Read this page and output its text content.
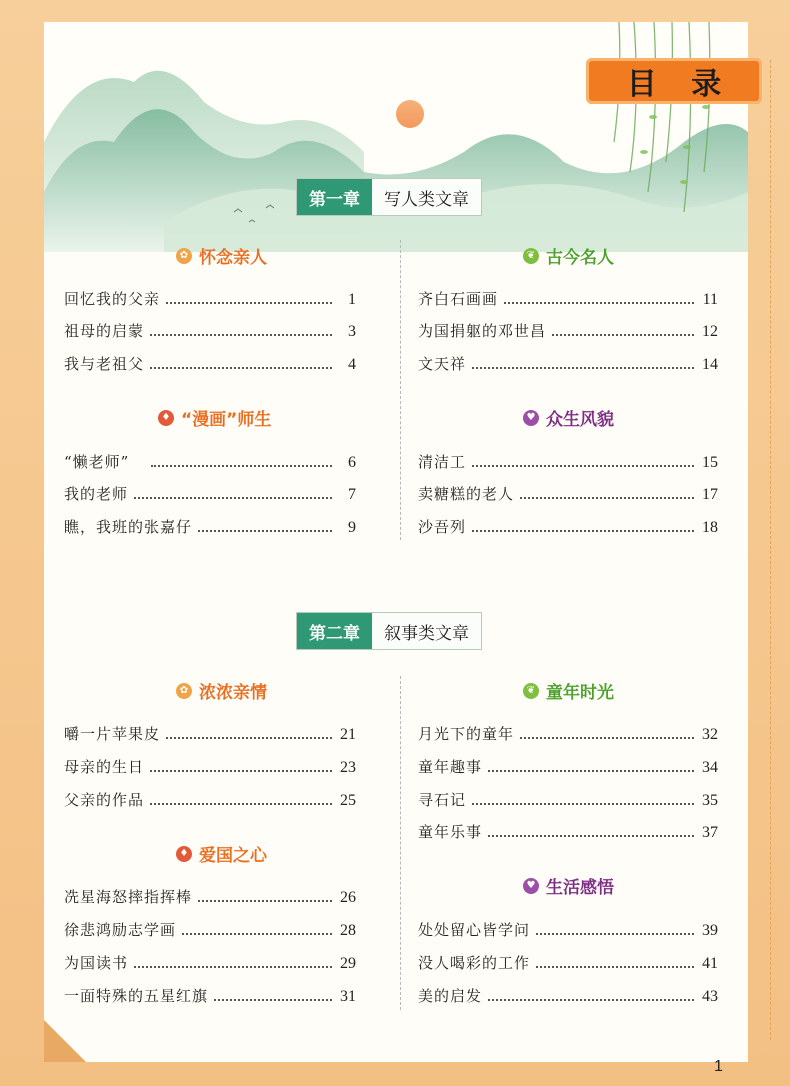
目 录
第一章	写人类文章
✿ 怀念亲人
回忆我的父亲	1
祖母的启蒙	3
我与老祖父	4
♦ “漫画”师生
“懒老师”	6
我的老师	7
瞧，我班的张嘉仔	9
❦ 古今名人
齐白石画画	11
为国捐躯的邓世昌	12
文天祥	14
♥ 众生风貌
清洁工	15
卖糖糕的老人	17
沙吾列	18
第二章	叙事类文章
✿ 浓浓亲情
嚼一片苹果皮	21
母亲的生日	23
父亲的作品	25
♦ 爱国之心
冼星海怒摔指挥棒	26
徐悲鸿励志学画	28
为国读书	29
一面特殊的五星红旗	31
❦ 童年时光
月光下的童年	32
童年趣事	34
寻石记	35
童年乐事	37
♥ 生活感悟
处处留心皆学问	39
没人喝彩的工作	41
美的启发	43
1
